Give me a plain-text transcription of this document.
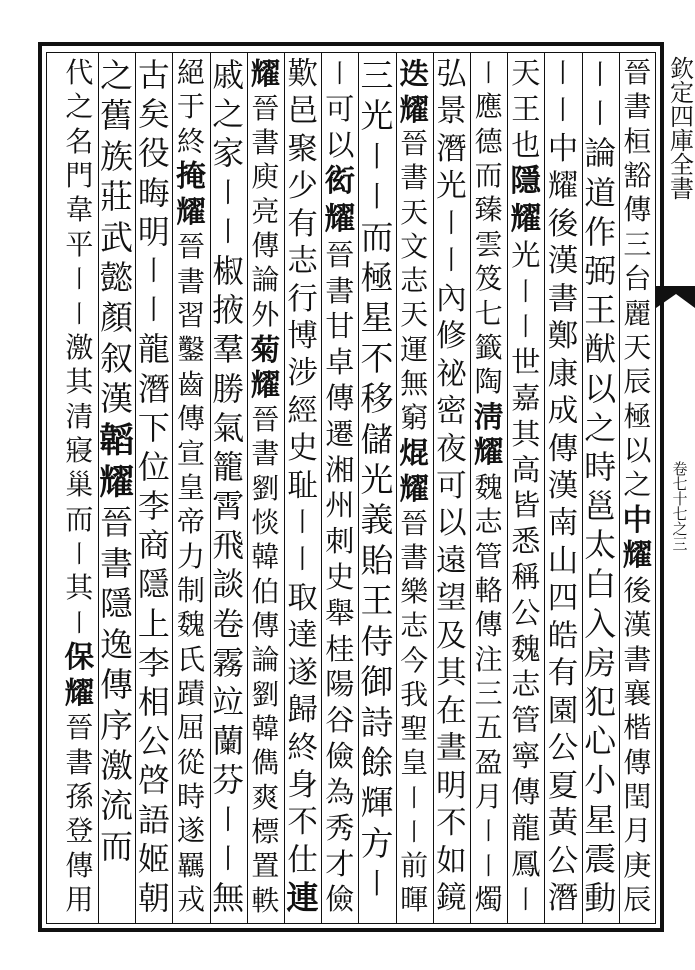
欽定四庫全書
卷七十七之三
晉
書
桓
豁
傳
三
台
麗
天
辰
極
以
之
中
耀
後
漢
書
襄
楷
傳
閏
月
庚
辰
丨
丨
論
道
作
弼
王
猷
以
之
時
邕
太
白
入
房
犯
心
小
星
震
動
丨
丨
中
耀
後
漢
書
鄭
康
成
傳
漢
南
山
四
皓
有
園
公
夏
黃
公
潛
天
王
也
隱
耀
光
丨
丨
世
嘉
其
高
皆
悉
稱
公
魏
志
管
寧
傳
龍
鳳
丨
丨
應
德
而
臻
雲
笈
七
籤
陶
淸
耀
魏
志
管
輅
傳
注
三
五
盈
月
丨
丨
燭
弘
景
潛
光
丨
丨
內
修
祕
密
夜
可
以
遠
望
及
其
在
晝
明
不
如
鏡
迭
耀
晉
書
天
文
志
天
運
無
窮
焜
耀
晉
書
樂
志
今
我
聖
皇
丨
丨
前
暉
三
光
丨
丨
而
極
星
不
移
儲
光
義
貽
王
侍
御
詩
餘
輝
方
丨
丨
可
以
衒
耀
晉
書
甘
卓
傳
遷
湘
州
刺
史
舉
桂
陽
谷
儉
為
秀
才
儉
歎
邑
聚
少
有
志
行
博
涉
經
史
耻
丨
丨
取
達
遂
歸
終
身
不
仕
連
耀
晉
書
庾
亮
傳
論
外
菊
耀
晉
書
劉
惔
韓
伯
傳
論
劉
韓
儁
爽
標
置
軼
戚
之
家
丨
丨
椒
掖
羣
勝
氣
籠
霄
飛
談
卷
霧
竝
蘭
芬
丨
丨
無
絕
于
終
掩
耀
晉
書
習
鑿
齒
傳
宣
皇
帝
力
制
魏
氏
蹟
屈
從
時
遂
羈
戎
古
矣
役
晦
明
丨
丨
龍
潛
下
位
李
商
隱
上
李
相
公
啓
語
姬
朝
之
舊
族
莊
武
懿
顏
叙
漢
韜
耀
晉
書
隱
逸
傳
序
激
流
而
代
之
名
門
韋
平
丨
丨
激
其
清
寢
巢
而
丨
其
丨
保
耀
晉
書
孫
登
傳
用
